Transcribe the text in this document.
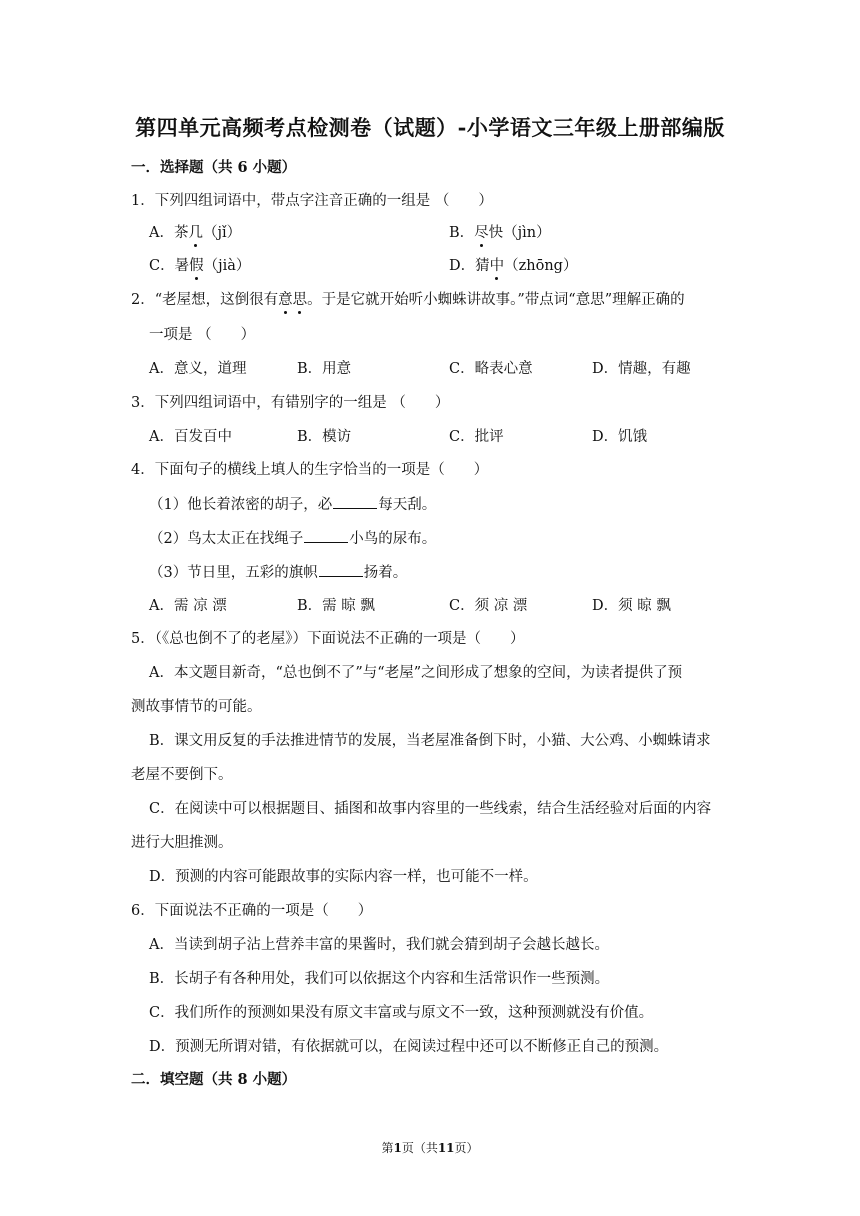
第四单元高频考点检测卷（试题）-小学语文三年级上册部编版
一．选择题（共 6 小题）
1．下列四组词语中，带点字注音正确的一组是 （　　）
A．茶几（jǐ）	B．尽快（jìn）
C．暑假（jià）	D．猜中（zhōng）
2．“老屋想，这倒很有意思。于是它就开始听小蜘蛛讲故事。”带点词“意思”理解正确的
一项是 （　　）
A．意义，道理	B．用意	C．略表心意	D．情趣，有趣
3．下列四组词语中，有错别字的一组是 （　　）
A．百发百中	B．模访	C．批评	D．饥饿
4．下面句子的横线上填人的生字恰当的一项是（　　）
（1）他长着浓密的胡子，必	每天刮。
（2）鸟太太正在找绳子	小鸟的尿布。
（3）节日里，五彩的旗帜	扬着。
A．需 凉 漂	B．需 晾 飘	C．须 凉 漂	D．须 晾 飘
5．（《总也倒不了的老屋》）下面说法不正确的一项是（　　）
A．本文题目新奇，“总也倒不了”与“老屋”之间形成了想象的空间，为读者提供了预
测故事情节的可能。
B．课文用反复的手法推进情节的发展，当老屋准备倒下时，小猫、大公鸡、小蜘蛛请求
老屋不要倒下。
C．在阅读中可以根据题目、插图和故事内容里的一些线索，结合生活经验对后面的内容
进行大胆推测。
D．预测的内容可能跟故事的实际内容一样，也可能不一样。
6．下面说法不正确的一项是（　　）
A．当读到胡子沾上营养丰富的果酱时，我们就会猜到胡子会越长越长。
B．长胡子有各种用处，我们可以依据这个内容和生活常识作一些预测。
C．我们所作的预测如果没有原文丰富或与原文不一致，这种预测就没有价值。
D．预测无所谓对错，有依据就可以，在阅读过程中还可以不断修正自己的预测。
二．填空题（共 8 小题）
第1页（共11页）
